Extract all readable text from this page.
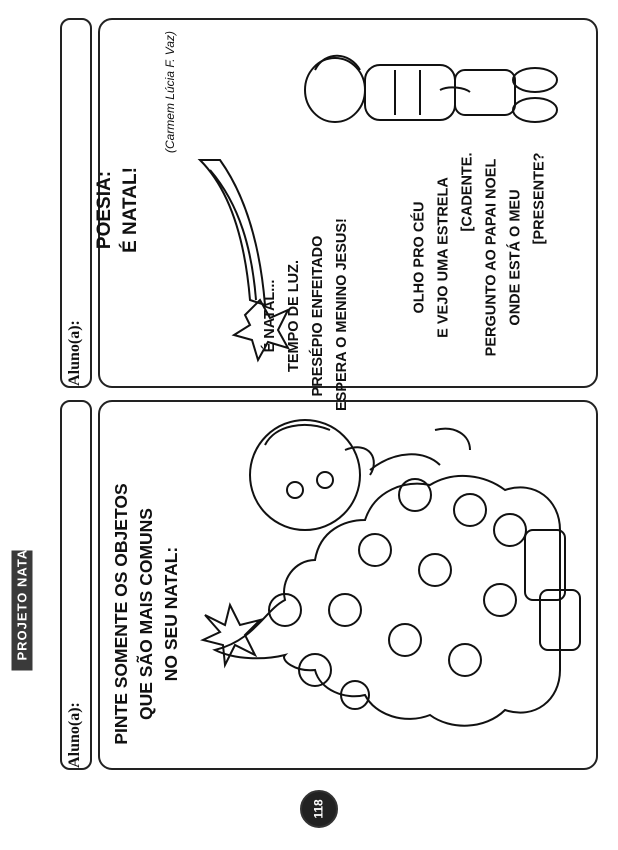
PROJETO NATAL
118
Aluno(a): PINTE SOMENTE OS OBJETOS QUE SÃO MAIS COMUNS NO SEU NATAL:
Aluno(a):
POESIA: É NATAL!
(Carmem Lúcia F. Vaz)
É NATAL... TEMPO DE LUZ. PRESÉPIO ENFEITADO ESPERA O MENINO JESUS!	OLHO PRO CÉU E VEJO UMA ESTRELA [CADENTE. PERGUNTO AO PAPAI NOEL ONDE ESTÁ O MEU [PRESENTE?
